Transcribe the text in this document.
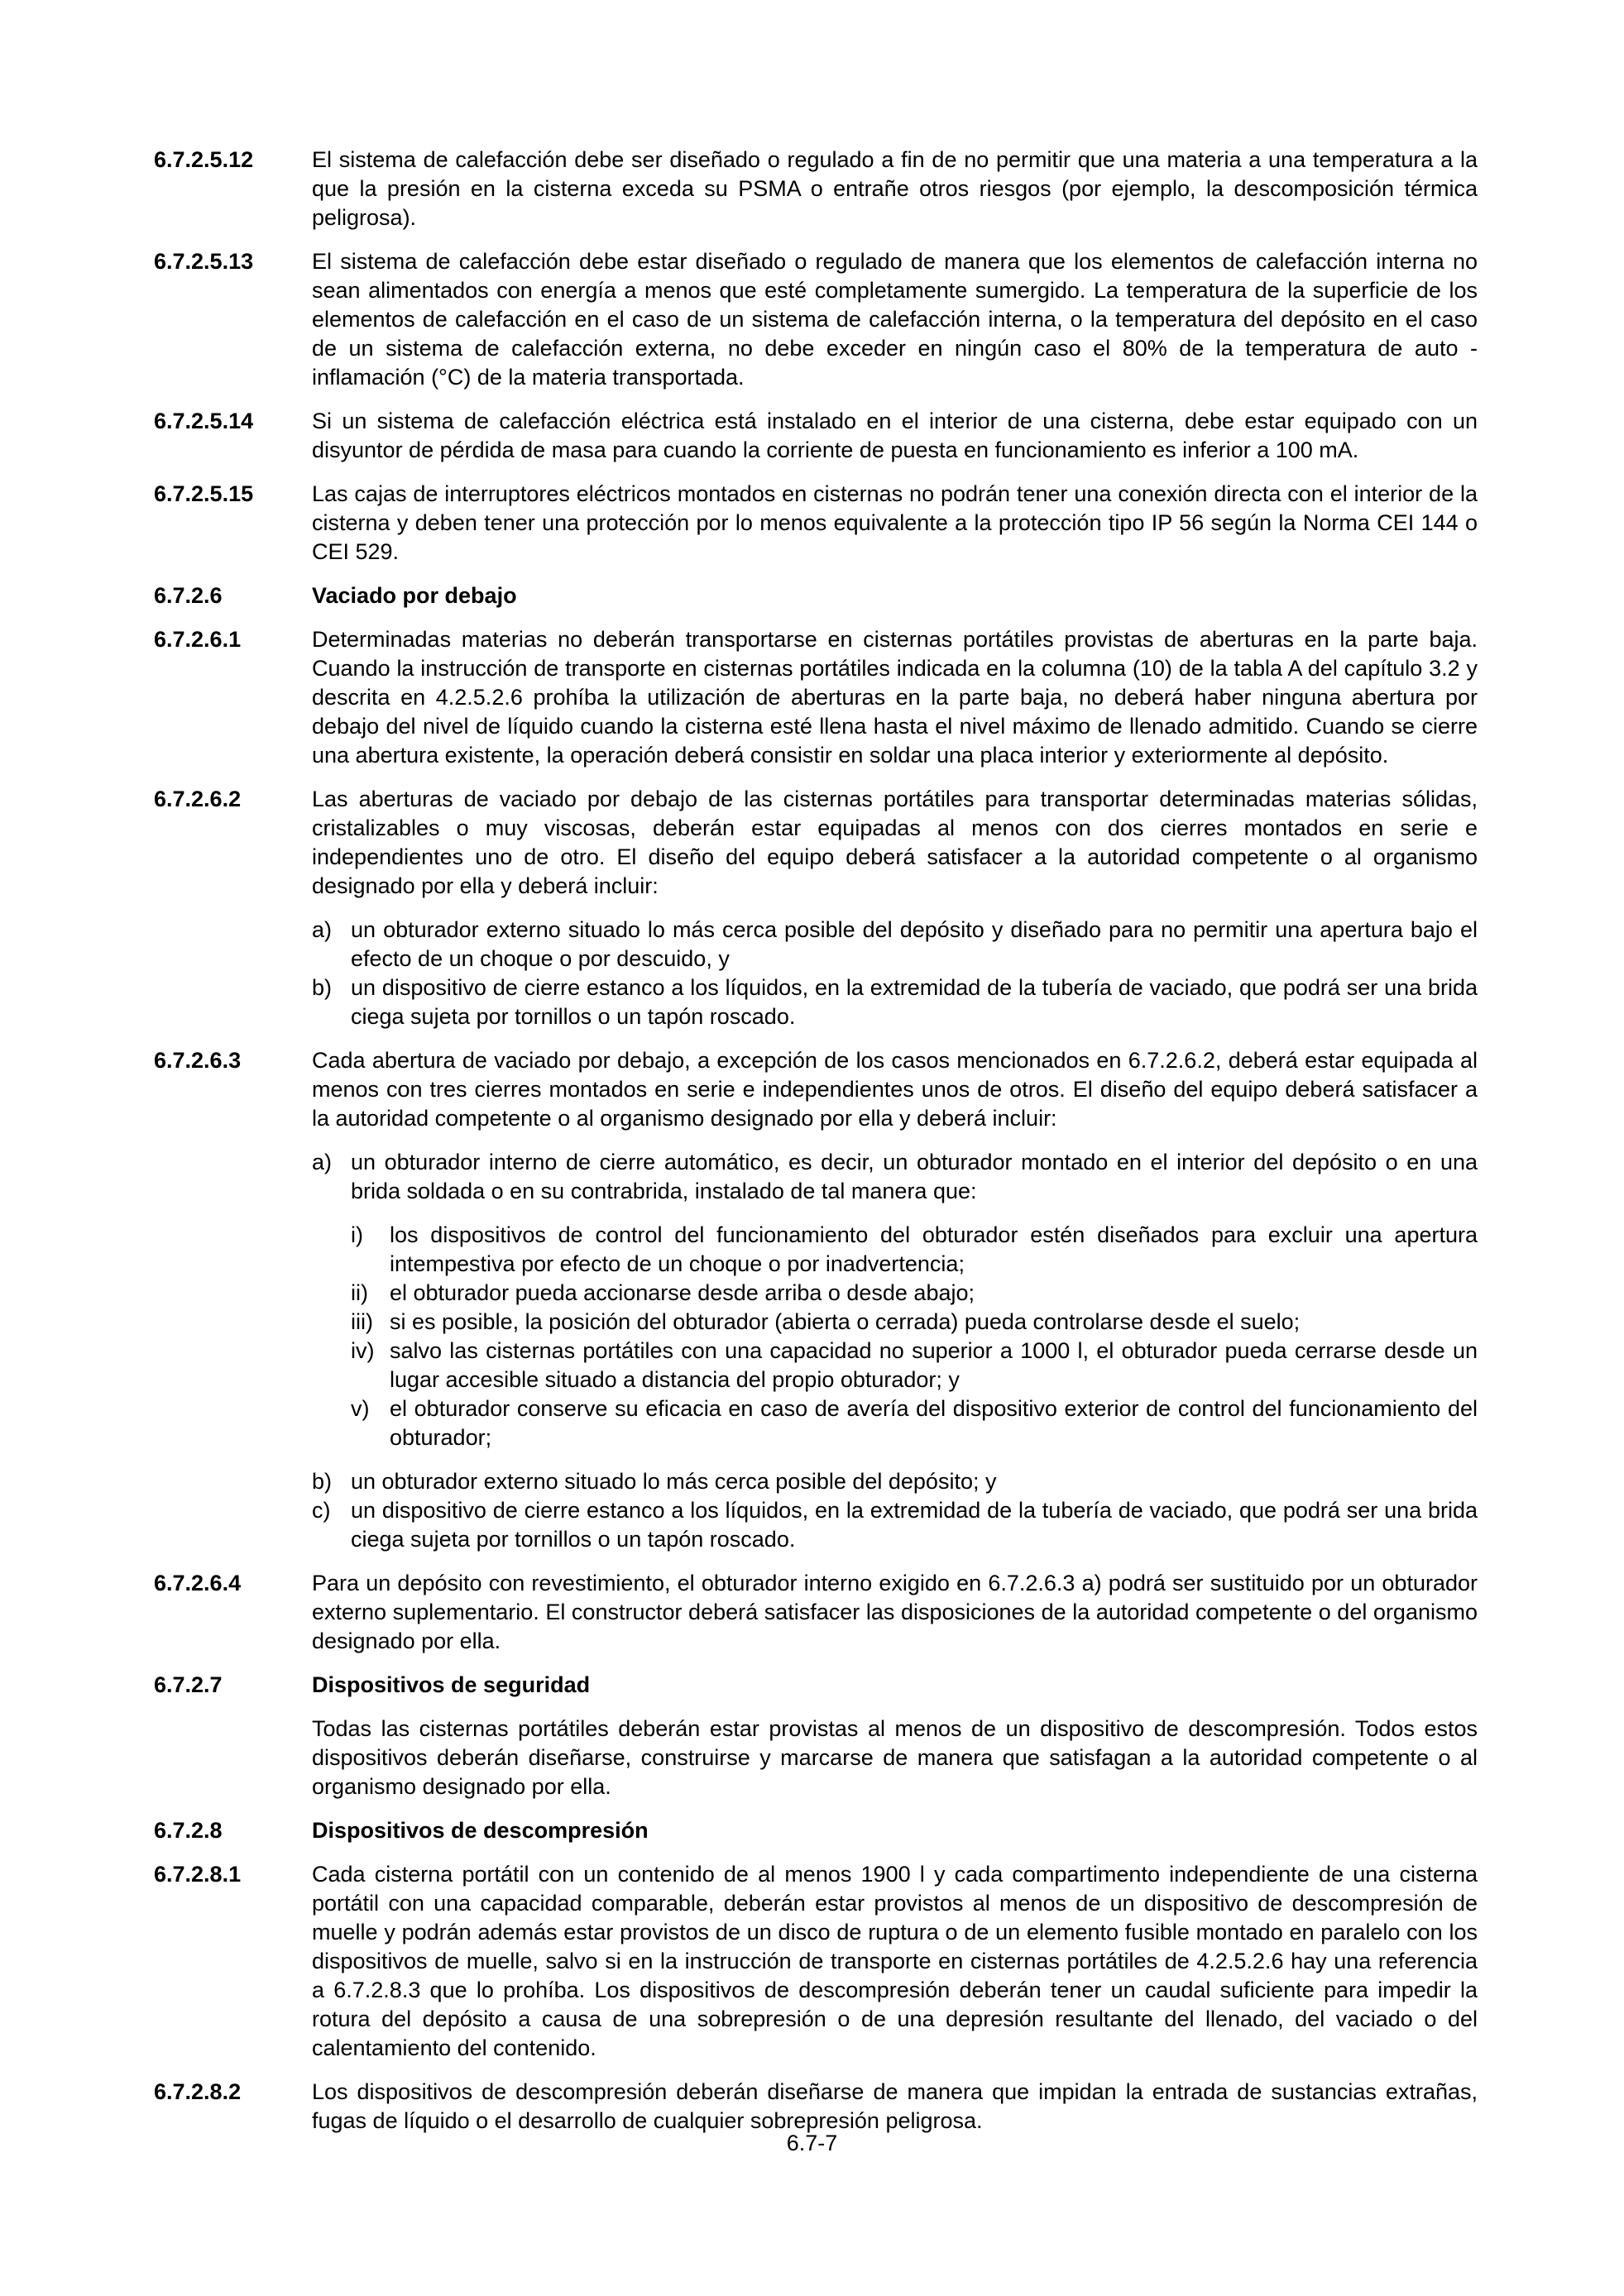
6.7.2.5.12	El sistema de calefacción debe ser diseñado o regulado a fin de no permitir que una materia a una temperatura a la que la presión en la cisterna exceda su PSMA o entrañe otros riesgos (por ejemplo, la descomposición térmica peligrosa).
6.7.2.5.13	El sistema de calefacción debe estar diseñado o regulado de manera que los elementos de calefacción interna no sean alimentados con energía a menos que esté completamente sumergido. La temperatura de la superficie de los elementos de calefacción en el caso de un sistema de calefacción interna, o la temperatura del depósito en el caso de un sistema de calefacción externa, no debe exceder en ningún caso el 80% de la temperatura de auto - inflamación (°C) de la materia transportada.
6.7.2.5.14	Si un sistema de calefacción eléctrica está instalado en el interior de una cisterna, debe estar equipado con un disyuntor de pérdida de masa para cuando la corriente de puesta en funcionamiento es inferior a 100 mA.
6.7.2.5.15	Las cajas de interruptores eléctricos montados en cisternas no podrán tener una conexión directa con el interior de la cisterna y deben tener una protección por lo menos equivalente a la protección tipo IP 56 según la Norma CEI 144 o CEI 529.
6.7.2.6	Vaciado por debajo
6.7.2.6.1	Determinadas materias no deberán transportarse en cisternas portátiles provistas de aberturas en la parte baja. Cuando la instrucción de transporte en cisternas portátiles indicada en la columna (10) de la tabla A del capítulo 3.2 y descrita en 4.2.5.2.6 prohíba la utilización de aberturas en la parte baja, no deberá haber ninguna abertura por debajo del nivel de líquido cuando la cisterna esté llena hasta el nivel máximo de llenado admitido. Cuando se cierre una abertura existente, la operación deberá consistir en soldar una placa interior y exteriormente al depósito.
6.7.2.6.2	Las aberturas de vaciado por debajo de las cisternas portátiles para transportar determinadas materias sólidas, cristalizables o muy viscosas, deberán estar equipadas al menos con dos cierres montados en serie e independientes uno de otro. El diseño del equipo deberá satisfacer a la autoridad competente o al organismo designado por ella y deberá incluir:
a) un obturador externo situado lo más cerca posible del depósito y diseñado para no permitir una apertura bajo el efecto de un choque o por descuido, y
b) un dispositivo de cierre estanco a los líquidos, en la extremidad de la tubería de vaciado, que podrá ser una brida ciega sujeta por tornillos o un tapón roscado.
6.7.2.6.3	Cada abertura de vaciado por debajo, a excepción de los casos mencionados en 6.7.2.6.2, deberá estar equipada al menos con tres cierres montados en serie e independientes unos de otros. El diseño del equipo deberá satisfacer a la autoridad competente o al organismo designado por ella y deberá incluir:
a) un obturador interno de cierre automático, es decir, un obturador montado en el interior del depósito o en una brida soldada o en su contrabrida, instalado de tal manera que:
i)	los dispositivos de control del funcionamiento del obturador estén diseñados para excluir una apertura intempestiva por efecto de un choque o por inadvertencia;
ii) el obturador pueda accionarse desde arriba o desde abajo;
iii) si es posible, la posición del obturador (abierta o cerrada) pueda controlarse desde el suelo;
iv) salvo las cisternas portátiles con una capacidad no superior a 1000 l, el obturador pueda cerrarse desde un lugar accesible situado a distancia del propio obturador; y
v) el obturador conserve su eficacia en caso de avería del dispositivo exterior de control del funcionamiento del obturador;
b) un obturador externo situado lo más cerca posible del depósito; y
c) un dispositivo de cierre estanco a los líquidos, en la extremidad de la tubería de vaciado, que podrá ser una brida ciega sujeta por tornillos o un tapón roscado.
6.7.2.6.4	Para un depósito con revestimiento, el obturador interno exigido en 6.7.2.6.3 a) podrá ser sustituido por un obturador externo suplementario. El constructor deberá satisfacer las disposiciones de la autoridad competente o del organismo designado por ella.
6.7.2.7	Dispositivos de seguridad
Todas las cisternas portátiles deberán estar provistas al menos de un dispositivo de descompresión. Todos estos dispositivos deberán diseñarse, construirse y marcarse de manera que satisfagan a la autoridad competente o al organismo designado por ella.
6.7.2.8	Dispositivos de descompresión
6.7.2.8.1	Cada cisterna portátil con un contenido de al menos 1900 l y cada compartimento independiente de una cisterna portátil con una capacidad comparable, deberán estar provistos al menos de un dispositivo de descompresión de muelle y podrán además estar provistos de un disco de ruptura o de un elemento fusible montado en paralelo con los dispositivos de muelle, salvo si en la instrucción de transporte en cisternas portátiles de 4.2.5.2.6 hay una referencia a 6.7.2.8.3 que lo prohíba. Los dispositivos de descompresión deberán tener un caudal suficiente para impedir la rotura del depósito a causa de una sobrepresión o de una depresión resultante del llenado, del vaciado o del calentamiento del contenido.
6.7.2.8.2	Los dispositivos de descompresión deberán diseñarse de manera que impidan la entrada de sustancias extrañas, fugas de líquido o el desarrollo de cualquier sobrepresión peligrosa.
6.7-7
